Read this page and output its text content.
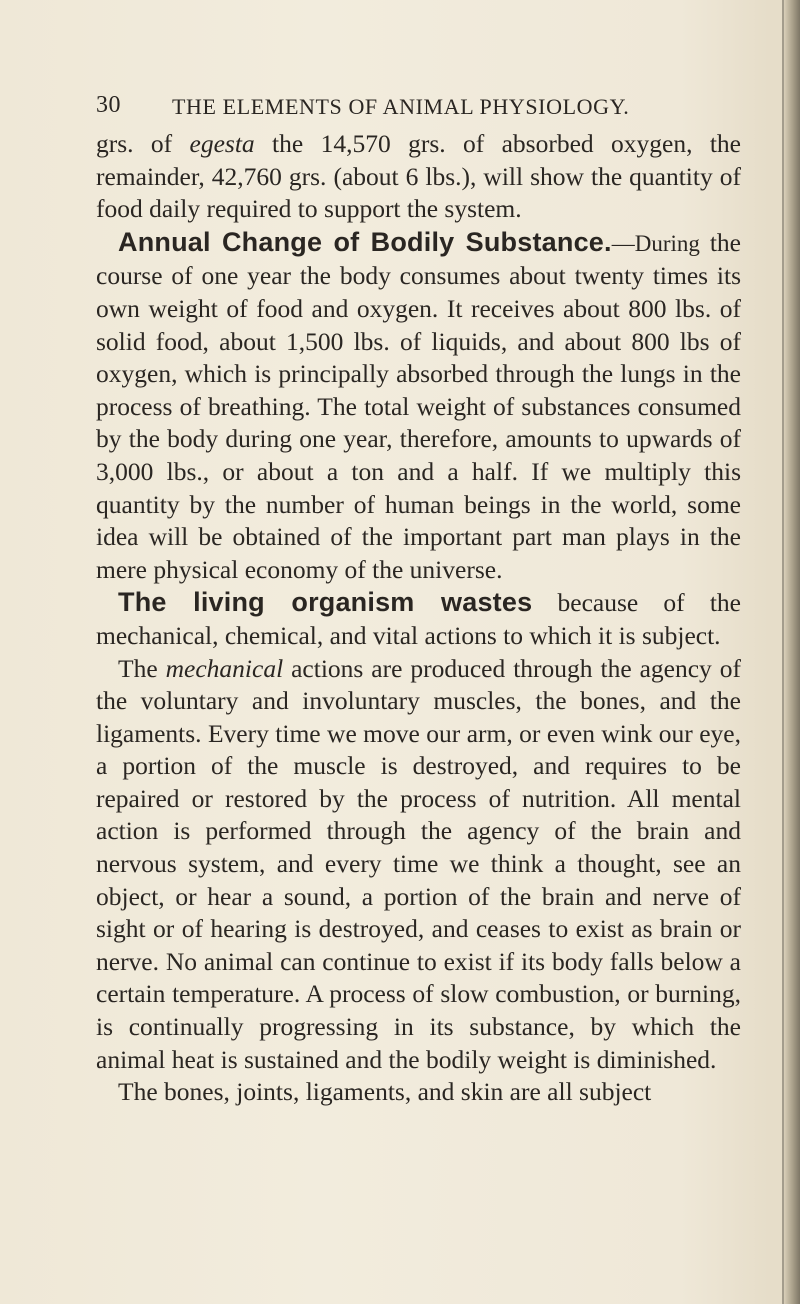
30 THE ELEMENTS OF ANIMAL PHYSIOLOGY.

grs. of egesta the 14,570 grs. of absorbed oxygen, the remainder, 42,760 grs. (about 6 lbs.), will show the quantity of food daily required to support the system.

Annual Change of Bodily Substance.—During the course of one year the body consumes about twenty times its own weight of food and oxygen. It receives about 800 lbs. of solid food, about 1,500 lbs. of liquids, and about 800 lbs of oxygen, which is principally absorbed through the lungs in the process of breathing. The total weight of substances consumed by the body during one year, therefore, amounts to upwards of 3,000 lbs., or about a ton and a half. If we multiply this quantity by the number of human beings in the world, some idea will be obtained of the important part man plays in the mere physical economy of the universe.

The living organism wastes because of the mechanical, chemical, and vital actions to which it is subject.

The mechanical actions are produced through the agency of the voluntary and involuntary muscles, the bones, and the ligaments. Every time we move our arm, or even wink our eye, a portion of the muscle is destroyed, and requires to be repaired or restored by the process of nutrition. All mental action is performed through the agency of the brain and nervous system, and every time we think a thought, see an object, or hear a sound, a portion of the brain and nerve of sight or of hearing is destroyed, and ceases to exist as brain or nerve. No animal can continue to exist if its body falls below a certain temperature. A process of slow combustion, or burning, is continually progressing in its substance, by which the animal heat is sustained and the bodily weight is diminished.

The bones, joints, ligaments, and skin are all subject
